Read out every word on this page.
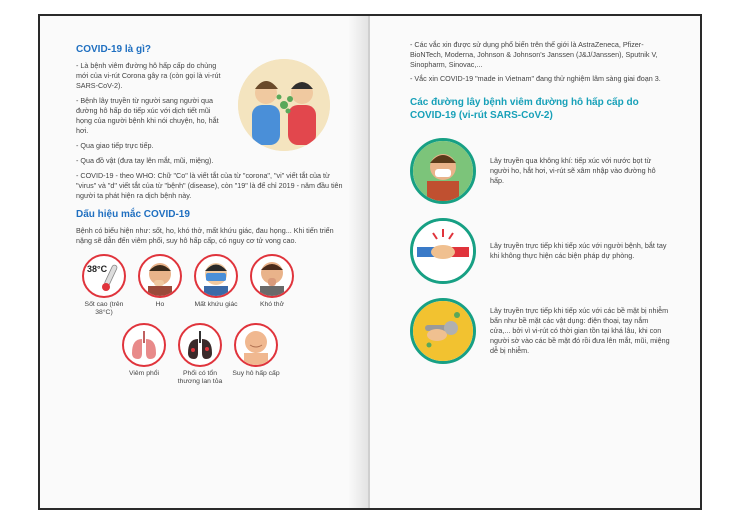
COVID-19 là gì?

- Là bệnh viêm đường hô hấp cấp do chủng mới của vi-rút Corona gây ra (còn gọi là vi-rút SARS-CoV-2).

- Bệnh lây truyền từ người sang người qua đường hô hấp do tiếp xúc với dịch tiết mũi họng của người bệnh khi nói chuyện, ho, hắt hơi.

- Qua giao tiếp trực tiếp.

- Qua đồ vật (đưa tay lên mắt, mũi, miệng).

- COVID-19 - theo WHO: Chữ "Co" là viết tắt của từ "corona", "vi" viết tắt của từ "virus" và "d" viết tắt của từ "bệnh" (disease), còn "19" là để chỉ 2019 - năm đầu tiên người ta phát hiện ra dịch bệnh này.

Dấu hiệu mắc COVID-19

Bệnh có biểu hiện như: sốt, ho, khó thở, mất khứu giác, đau họng... Khi tiến triển nặng sẽ dẫn đến viêm phổi, suy hô hấp cấp, có nguy cơ tử vong cao.

38°C
Sốt cao (trên 38°C)
Ho	Mất khứu giác	Khó thở
Viêm phổi	Phổi có tổn thương lan tỏa
Suy hô hấp cấp

- Các vắc xin được sử dụng phổ biến trên thế giới là AstraZeneca, Pfizer-BioNTech, Moderna, Johnson & Johnson's Janssen (J&J/Janssen), Sputnik V, Sinopharm, Sinovac,...

- Vắc xin COVID-19 "made in Vietnam" đang thử nghiệm lâm sàng giai đoạn 3.

Các đường lây bệnh viêm đường hô hấp cấp do COVID-19 (vi-rút SARS-CoV-2)
Lây truyền qua không khí: tiếp xúc với nước bọt từ người ho, hắt hơi, vi-rút sẽ xâm nhập vào đường hô hấp.
Lây truyền trực tiếp khi tiếp xúc với người bệnh, bắt tay khi không thực hiện các biện pháp dự phòng.
Lây truyền trực tiếp khi tiếp xúc với các bề mặt bị nhiễm bẩn như bề mặt các vật dụng: điện thoại, tay nắm cửa,... bởi vì vi-rút có thời gian tồn tại khá lâu, khi con người sờ vào các bề mặt đó rồi đưa lên mắt, mũi, miệng dễ bị nhiễm.
